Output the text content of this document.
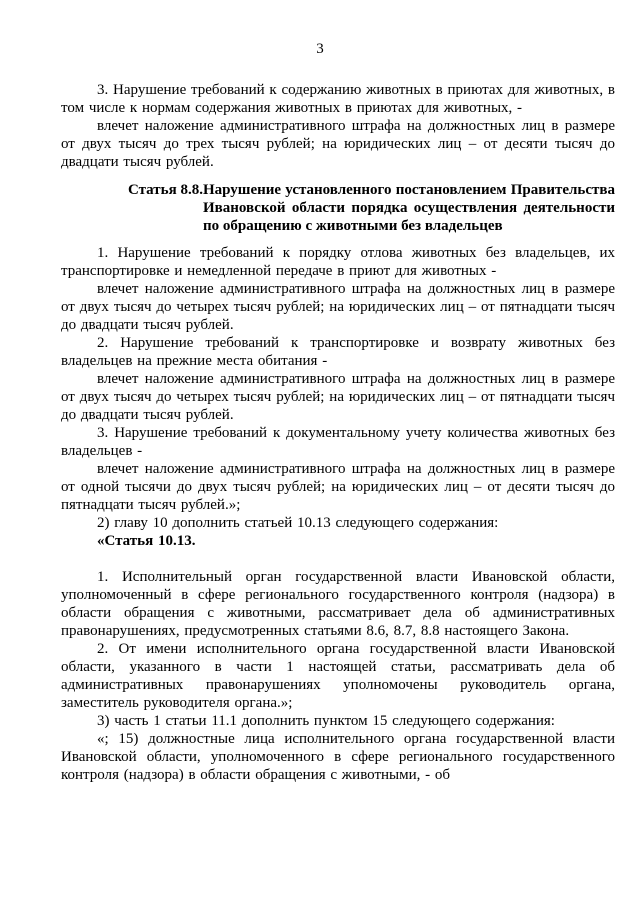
3

3. Нарушение требований к содержанию животных в приютах для животных, в том числе к нормам содержания животных в приютах для животных, -

влечет наложение административного штрафа на должностных лиц в размере от двух тысяч до трех тысяч рублей; на юридических лиц – от десяти тысяч до двадцати тысяч рублей.

Статья 8.8. Нарушение установленного постановлением Правительства Ивановской области порядка осуществления деятельности по обращению с животными без владельцев

1. Нарушение требований к порядку отлова животных без владельцев, их транспортировке и немедленной передаче в приют для животных -

влечет наложение административного штрафа на должностных лиц в размере от двух тысяч до четырех тысяч рублей; на юридических лиц – от пятнадцати тысяч до двадцати тысяч рублей.

2. Нарушение требований к транспортировке и возврату животных без владельцев на прежние места обитания -

влечет наложение административного штрафа на должностных лиц в размере от двух тысяч до четырех тысяч рублей; на юридических лиц – от пятнадцати тысяч до двадцати тысяч рублей.

3. Нарушение требований к документальному учету количества животных без владельцев -

влечет наложение административного штрафа на должностных лиц в размере от одной тысячи до двух тысяч рублей; на юридических лиц – от десяти тысяч до пятнадцати тысяч рублей.»;

2) главу 10 дополнить статьей 10.13 следующего содержания:

«Статья 10.13.

1. Исполнительный орган государственной власти Ивановской области, уполномоченный в сфере регионального государственного контроля (надзора) в области обращения с животными, рассматривает дела об административных правонарушениях, предусмотренных статьями 8.6, 8.7, 8.8 настоящего Закона.

2. От имени исполнительного органа государственной власти Ивановской области, указанного в части 1 настоящей статьи, рассматривать дела об административных правонарушениях уполномочены руководитель органа, заместитель руководителя органа.»;

3) часть 1 статьи 11.1 дополнить пунктом 15 следующего содержания:

«; 15) должностные лица исполнительного органа государственной власти Ивановской области, уполномоченного в сфере регионального государственного контроля (надзора) в области обращения с животными, - об
